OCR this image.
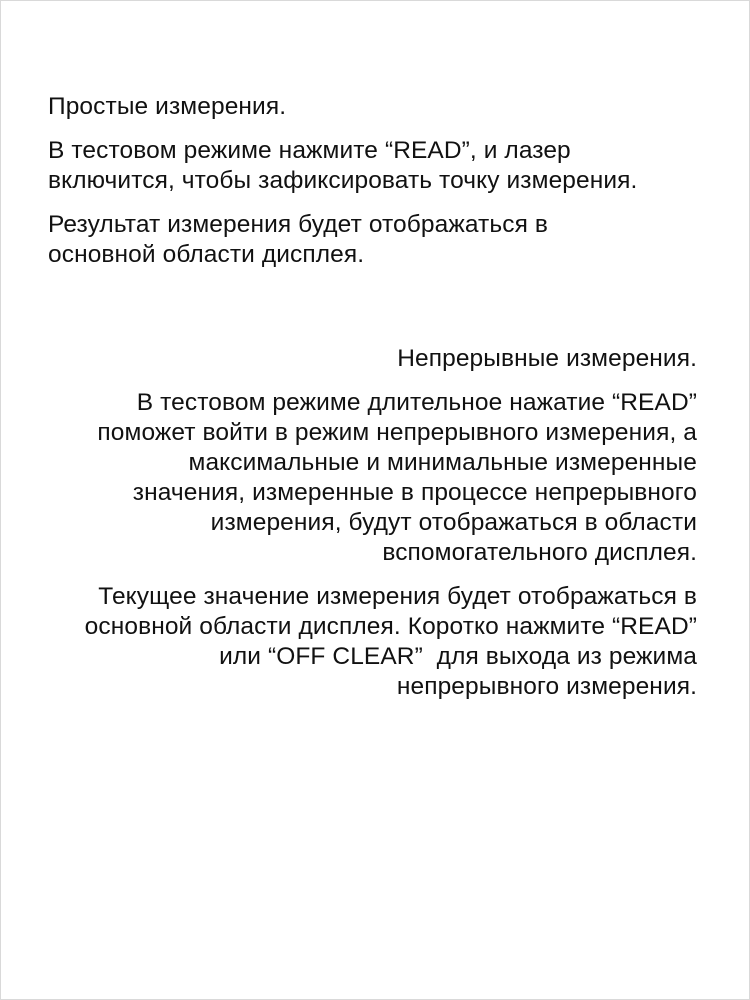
Простые измерения.

В тестовом режиме нажмите “READ”, и лазер
включится, чтобы зафиксировать точку измерения.

Результат измерения будет отображаться в
основной области дисплея.

Непрерывные измерения.

В тестовом режиме длительное нажатие “READ”
поможет войти в режим непрерывного измерения, а
максимальные и минимальные измеренные
значения, измеренные в процессе непрерывного
измерения, будут отображаться в области
вспомогательного дисплея.

Текущее значение измерения будет отображаться в
основной области дисплея. Коротко нажмите “READ”
или “OFF CLEAR”  для выхода из режима
непрерывного измерения.
